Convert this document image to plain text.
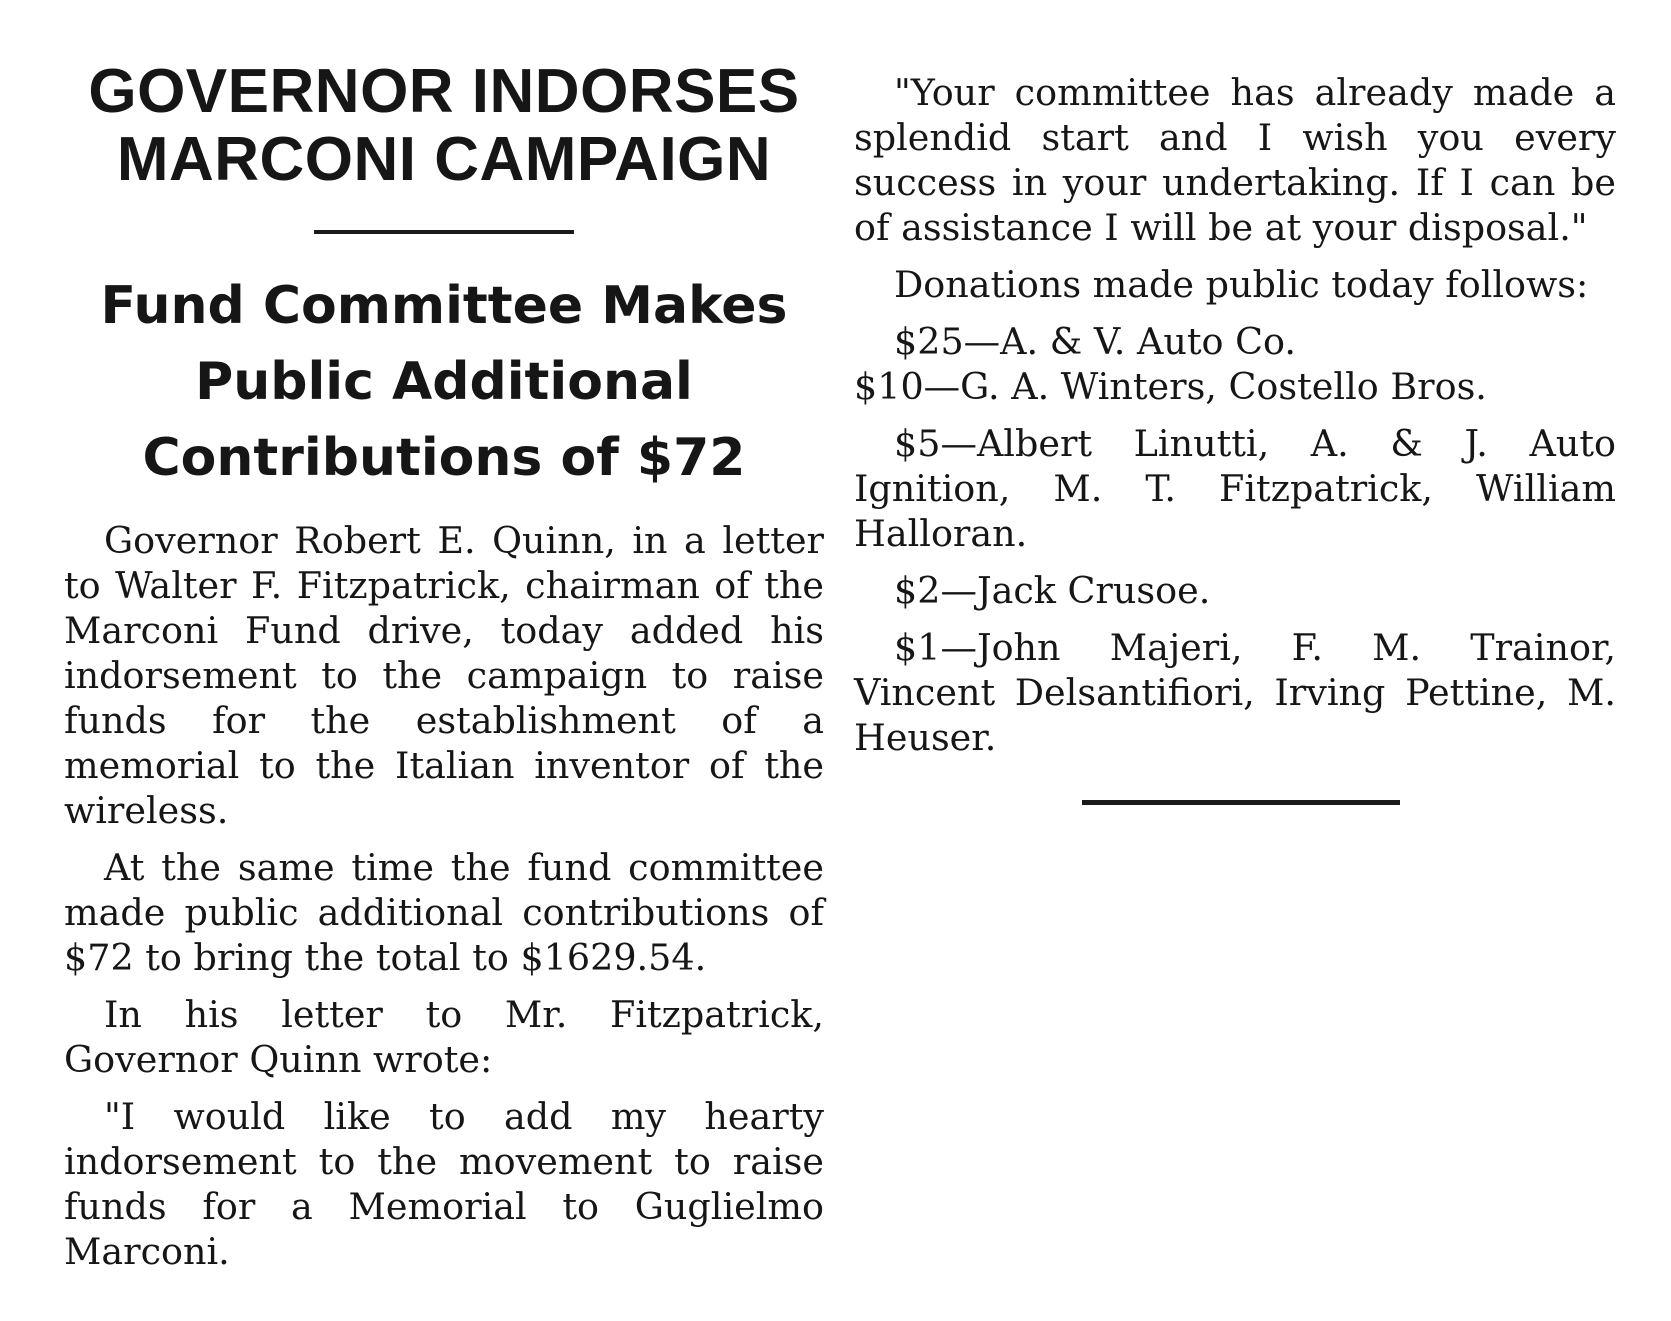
GOVERNOR INDORSES MARCONI CAMPAIGN
Fund Committee Makes Public Additional Contributions of $72

Governor Robert E. Quinn, in a letter to Walter F. Fitzpatrick, chairman of the Marconi Fund drive, today added his indorsement to the campaign to raise funds for the establishment of a memorial to the Italian inventor of the wireless.

At the same time the fund committee made public additional contributions of $72 to bring the total to $1629.54.

In his letter to Mr. Fitzpatrick, Governor Quinn wrote:

"I would like to add my hearty indorsement to the movement to raise funds for a Memorial to Guglielmo Marconi.

"Your committee has already made a splendid start and I wish you every success in your undertaking. If I can be of assistance I will be at your disposal."

Donations made public today follows:

$25—A. & V. Auto Co.

$10—G. A. Winters, Costello Bros.

$5—Albert Linutti, A. & J. Auto Ignition, M. T. Fitzpatrick, William Halloran.

$2—Jack Crusoe.

$1—John Majeri, F. M. Trainor, Vincent Delsantifiori, Irving Pettine, M. Heuser.
